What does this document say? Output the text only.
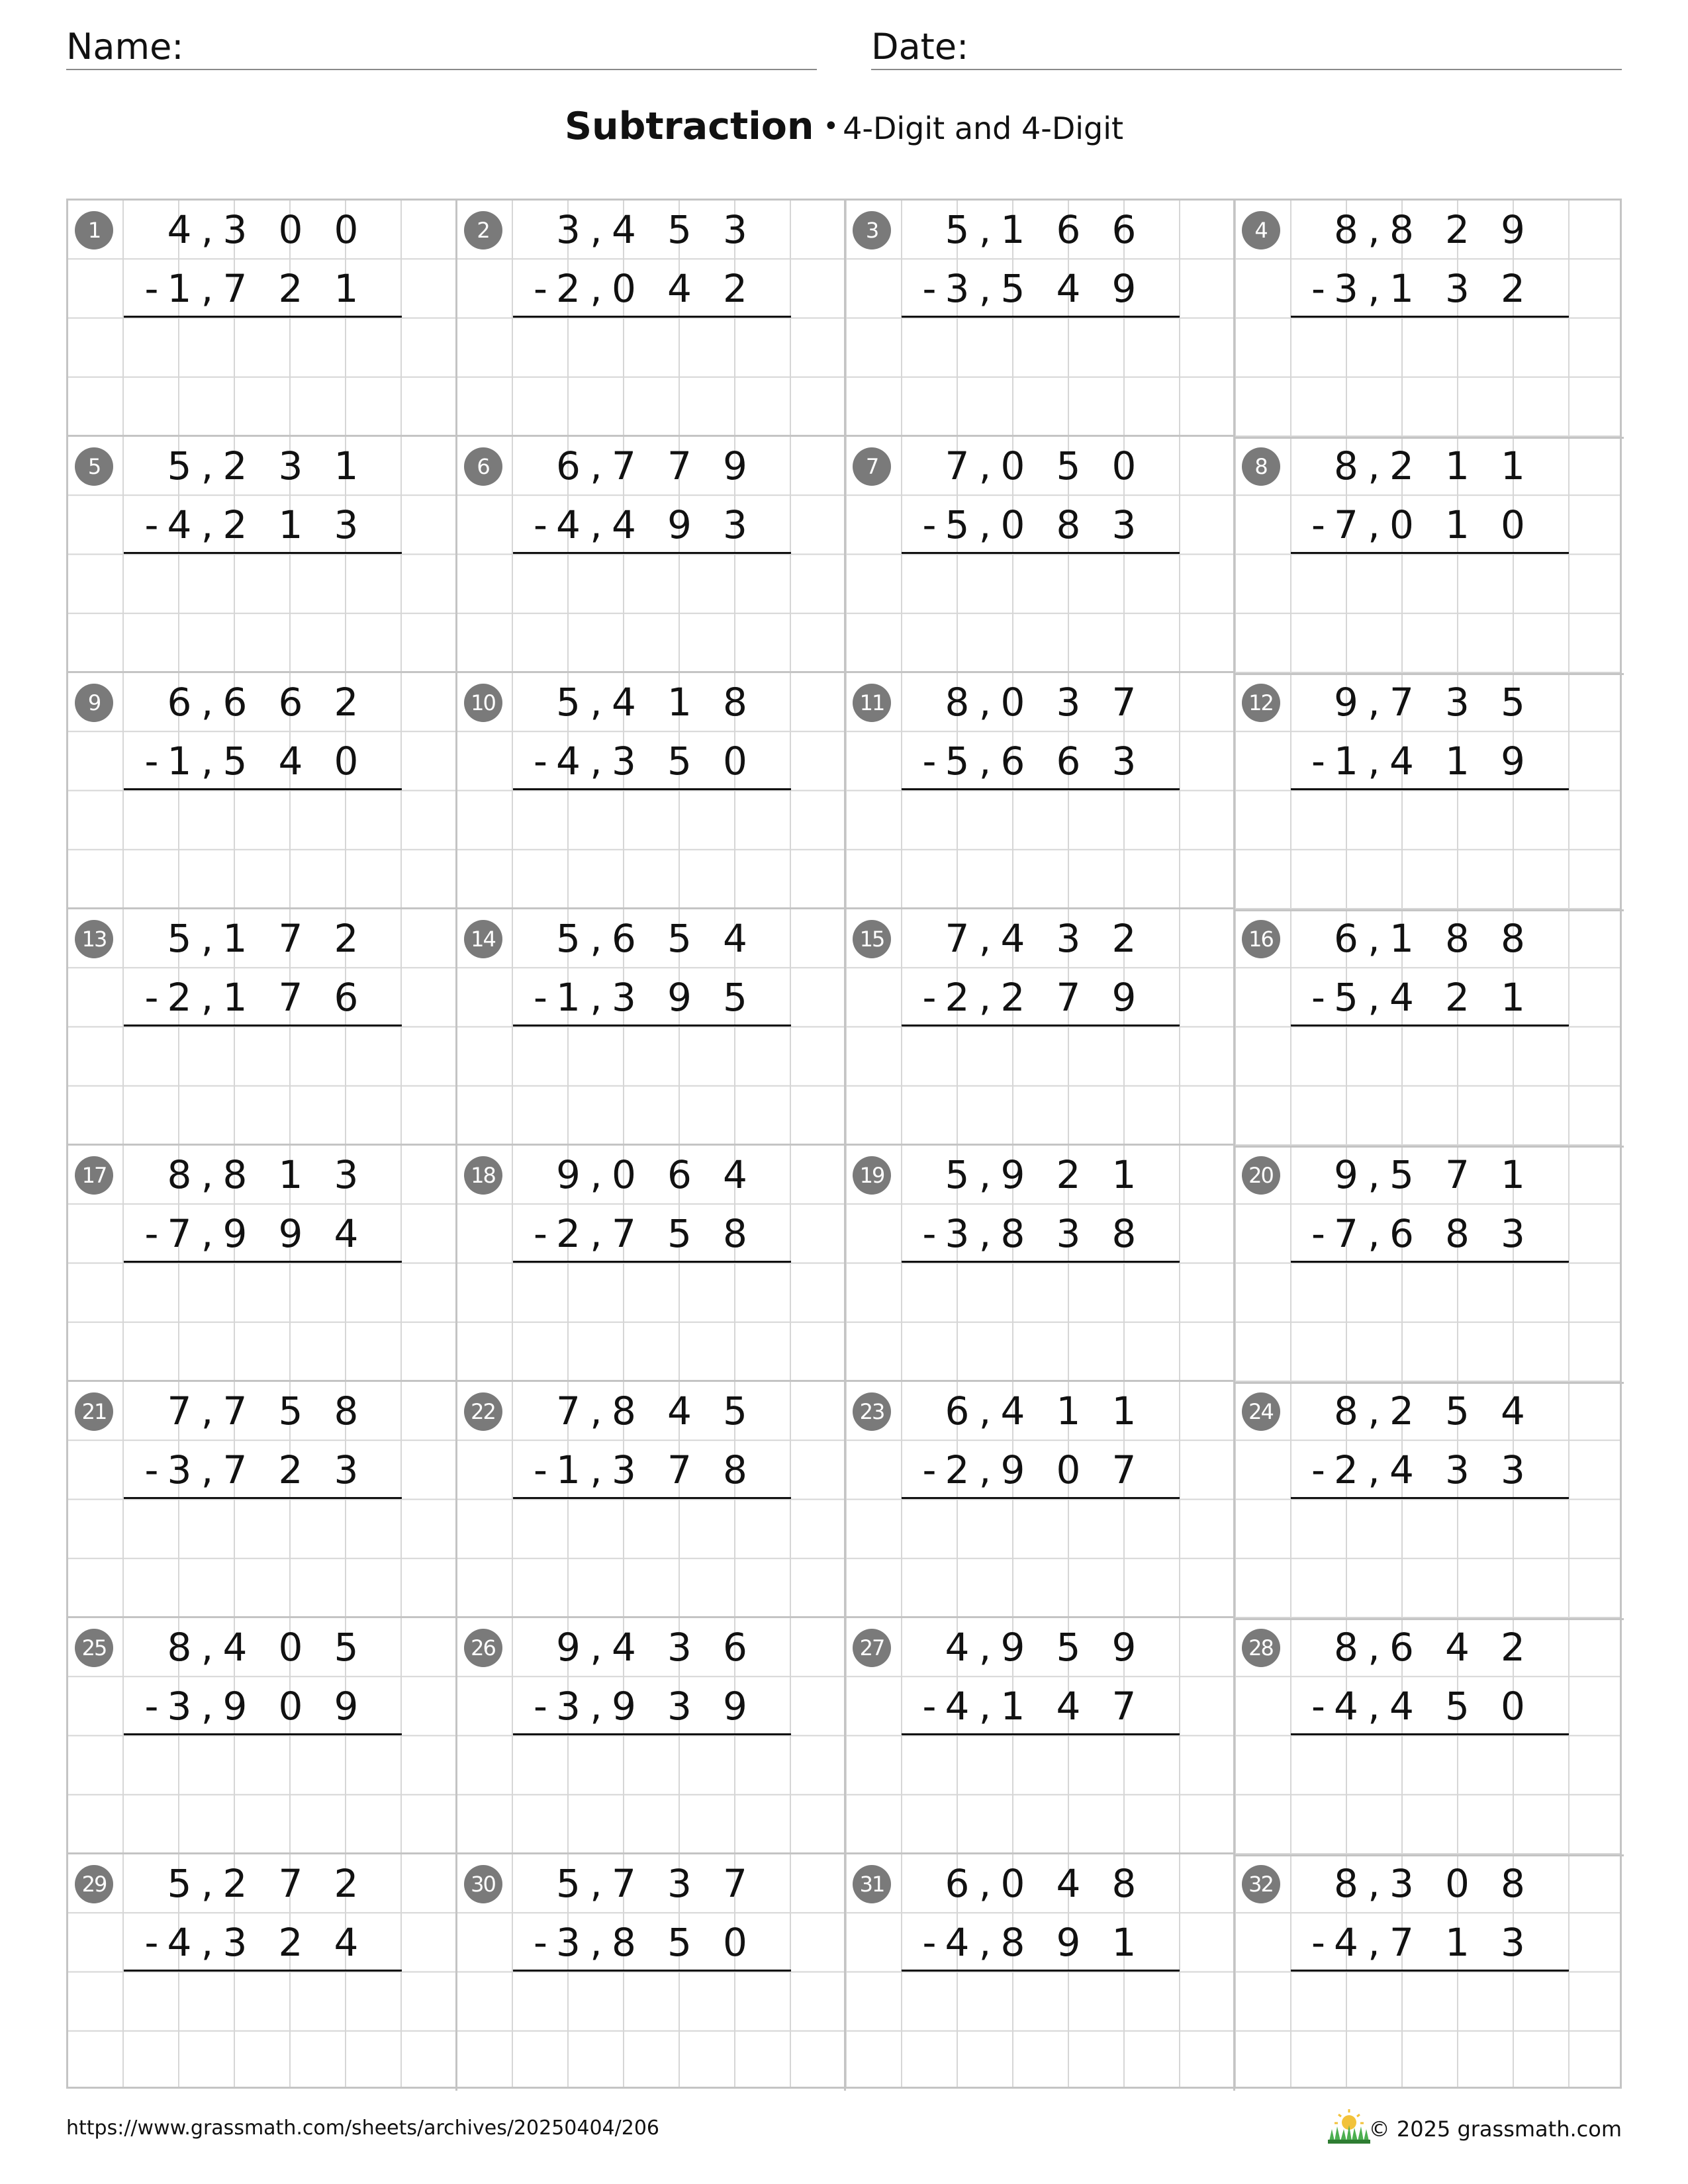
Name:	Date:
Subtraction • 4-Digit and 4-Digit
1	4 , 3 0 0
1 , 7 2 1
-
2	3 , 4 5 3
2 , 0 4 2
-
3	5 , 1 6 6
3 , 5 4 9
-
4	8 , 8 2 9
3 , 1 3 2
-
5	5 , 2 3 1
4 , 2 1 3
-
6	6 , 7 7 9
4 , 4 9 3
-
7	7 , 0 5 0
5 , 0 8 3
-
8	8 , 2 1 1
7 , 0 1 0
-
9	6 , 6 6 2
1 , 5 4 0
-
10	5 , 4 1 8
4 , 3 5 0
-
11	8 , 0 3 7
5 , 6 6 3
-
12	9 , 7 3 5
1 , 4 1 9
-
13	5 , 1 7 2
2 , 1 7 6
-
14	5 , 6 5 4
1 , 3 9 5
-
15	7 , 4 3 2
2 , 2 7 9
-
16	6 , 1 8 8
5 , 4 2 1
-
17	8 , 8 1 3
7 , 9 9 4
-
18	9 , 0 6 4
2 , 7 5 8
-
19	5 , 9 2 1
3 , 8 3 8
-
20	9 , 5 7 1
7 , 6 8 3
-
21	7 , 7 5 8
3 , 7 2 3
-
22	7 , 8 4 5
1 , 3 7 8
-
23	6 , 4 1 1
2 , 9 0 7
-
24	8 , 2 5 4
2 , 4 3 3
-
25	8 , 4 0 5
3 , 9 0 9
-
26	9 , 4 3 6
3 , 9 3 9
-
27	4 , 9 5 9
4 , 1 4 7
-
28	8 , 6 4 2
4 , 4 5 0
-
29	5 , 2 7 2
4 , 3 2 4
-
30	5 , 7 3 7
3 , 8 5 0
-
31	6 , 0 4 8
4 , 8 9 1
-
32	8 , 3 0 8
4 , 7 1 3
-
https://www.grassmath.com/sheets/archives/20250404/206	© 2025 grassmath.com
